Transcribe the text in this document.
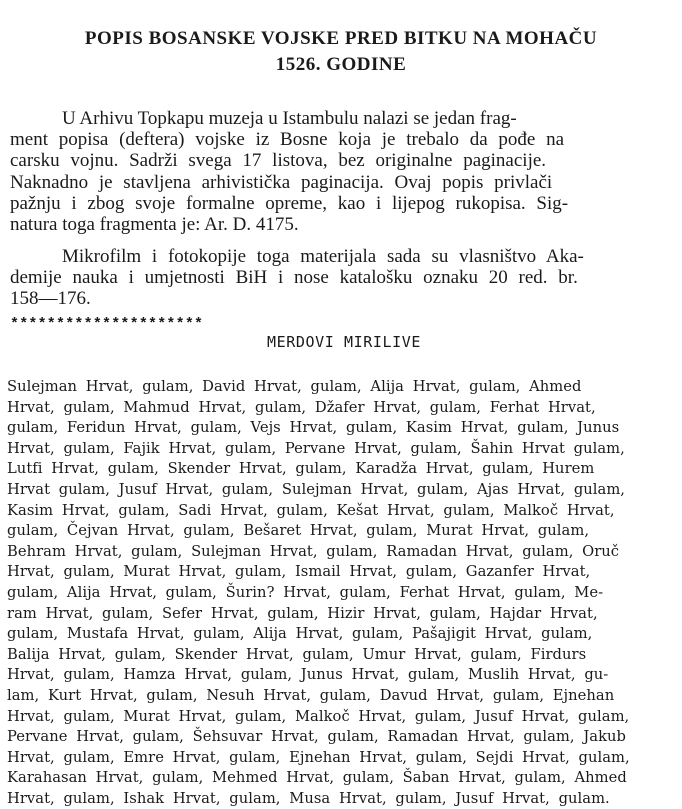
POPIS BOSANSKE VOJSKE PRED BITKU NA MOHAČU
1526. GODINE
U Arhivu Topkapu muzeja u Istambulu nalazi se jedan frag-
ment popisa (deftera) vojske iz Bosne koja je trebalo da pođe na
carsku vojnu. Sadrži svega 17 listova, bez originalne paginacije.
Naknadno je stavljena arhivistička paginacija. Ovaj popis privlači
pažnju i zbog svoje formalne opreme, kao i lijepog rukopisa. Sig-
natura toga fragmenta je: Ar. D. 4175.
Mikrofilm i fotokopije toga materijala sada su vlasništvo Aka-
demije nauka i umjetnosti BiH i nose katalošku oznaku 20 red. br.
158—176.
*********************
MERDOVI MIRILIVE
Sulejman Hrvat, gulam, David Hrvat, gulam, Alija Hrvat, gulam, Ahmed
Hrvat, gulam, Mahmud Hrvat, gulam, Džafer Hrvat, gulam, Ferhat Hrvat,
gulam, Feridun Hrvat, gulam, Vejs Hrvat, gulam, Kasim Hrvat, gulam, Junus
Hrvat, gulam, Fajik Hrvat, gulam, Pervane Hrvat, gulam, Šahin Hrvat gulam,
Lutfi Hrvat, gulam, Skender Hrvat, gulam, Karadža Hrvat, gulam, Hurem
Hrvat gulam, Jusuf Hrvat, gulam, Sulejman Hrvat, gulam, Ajas Hrvat, gulam,
Kasim Hrvat, gulam, Sadi Hrvat, gulam, Kešat Hrvat, gulam, Malkoč Hrvat,
gulam, Čejvan Hrvat, gulam, Bešaret Hrvat, gulam, Murat Hrvat, gulam,
Behram Hrvat, gulam, Sulejman Hrvat, gulam, Ramadan Hrvat, gulam, Oruč
Hrvat, gulam, Murat Hrvat, gulam, Ismail Hrvat, gulam, Gazanfer Hrvat,
gulam, Alija Hrvat, gulam, Šurin? Hrvat, gulam, Ferhat Hrvat, gulam, Me-
ram Hrvat, gulam, Sefer Hrvat, gulam, Hizir Hrvat, gulam, Hajdar Hrvat,
gulam, Mustafa Hrvat, gulam, Alija Hrvat, gulam, Pašajigit Hrvat, gulam,
Balija Hrvat, gulam, Skender Hrvat, gulam, Umur Hrvat, gulam, Firdurs
Hrvat, gulam, Hamza Hrvat, gulam, Junus Hrvat, gulam, Muslih Hrvat, gu-
lam, Kurt Hrvat, gulam, Nesuh Hrvat, gulam, Davud Hrvat, gulam, Ejnehan
Hrvat, gulam, Murat Hrvat, gulam, Malkoč Hrvat, gulam, Jusuf Hrvat, gulam,
Pervane Hrvat, gulam, Šehsuvar Hrvat, gulam, Ramadan Hrvat, gulam, Jakub
Hrvat, gulam, Emre Hrvat, gulam, Ejnehan Hrvat, gulam, Sejdi Hrvat, gulam,
Karahasan Hrvat, gulam, Mehmed Hrvat, gulam, Šaban Hrvat, gulam, Ahmed
Hrvat, gulam, Ishak Hrvat, gulam, Musa Hrvat, gulam, Jusuf Hrvat, gulam.
